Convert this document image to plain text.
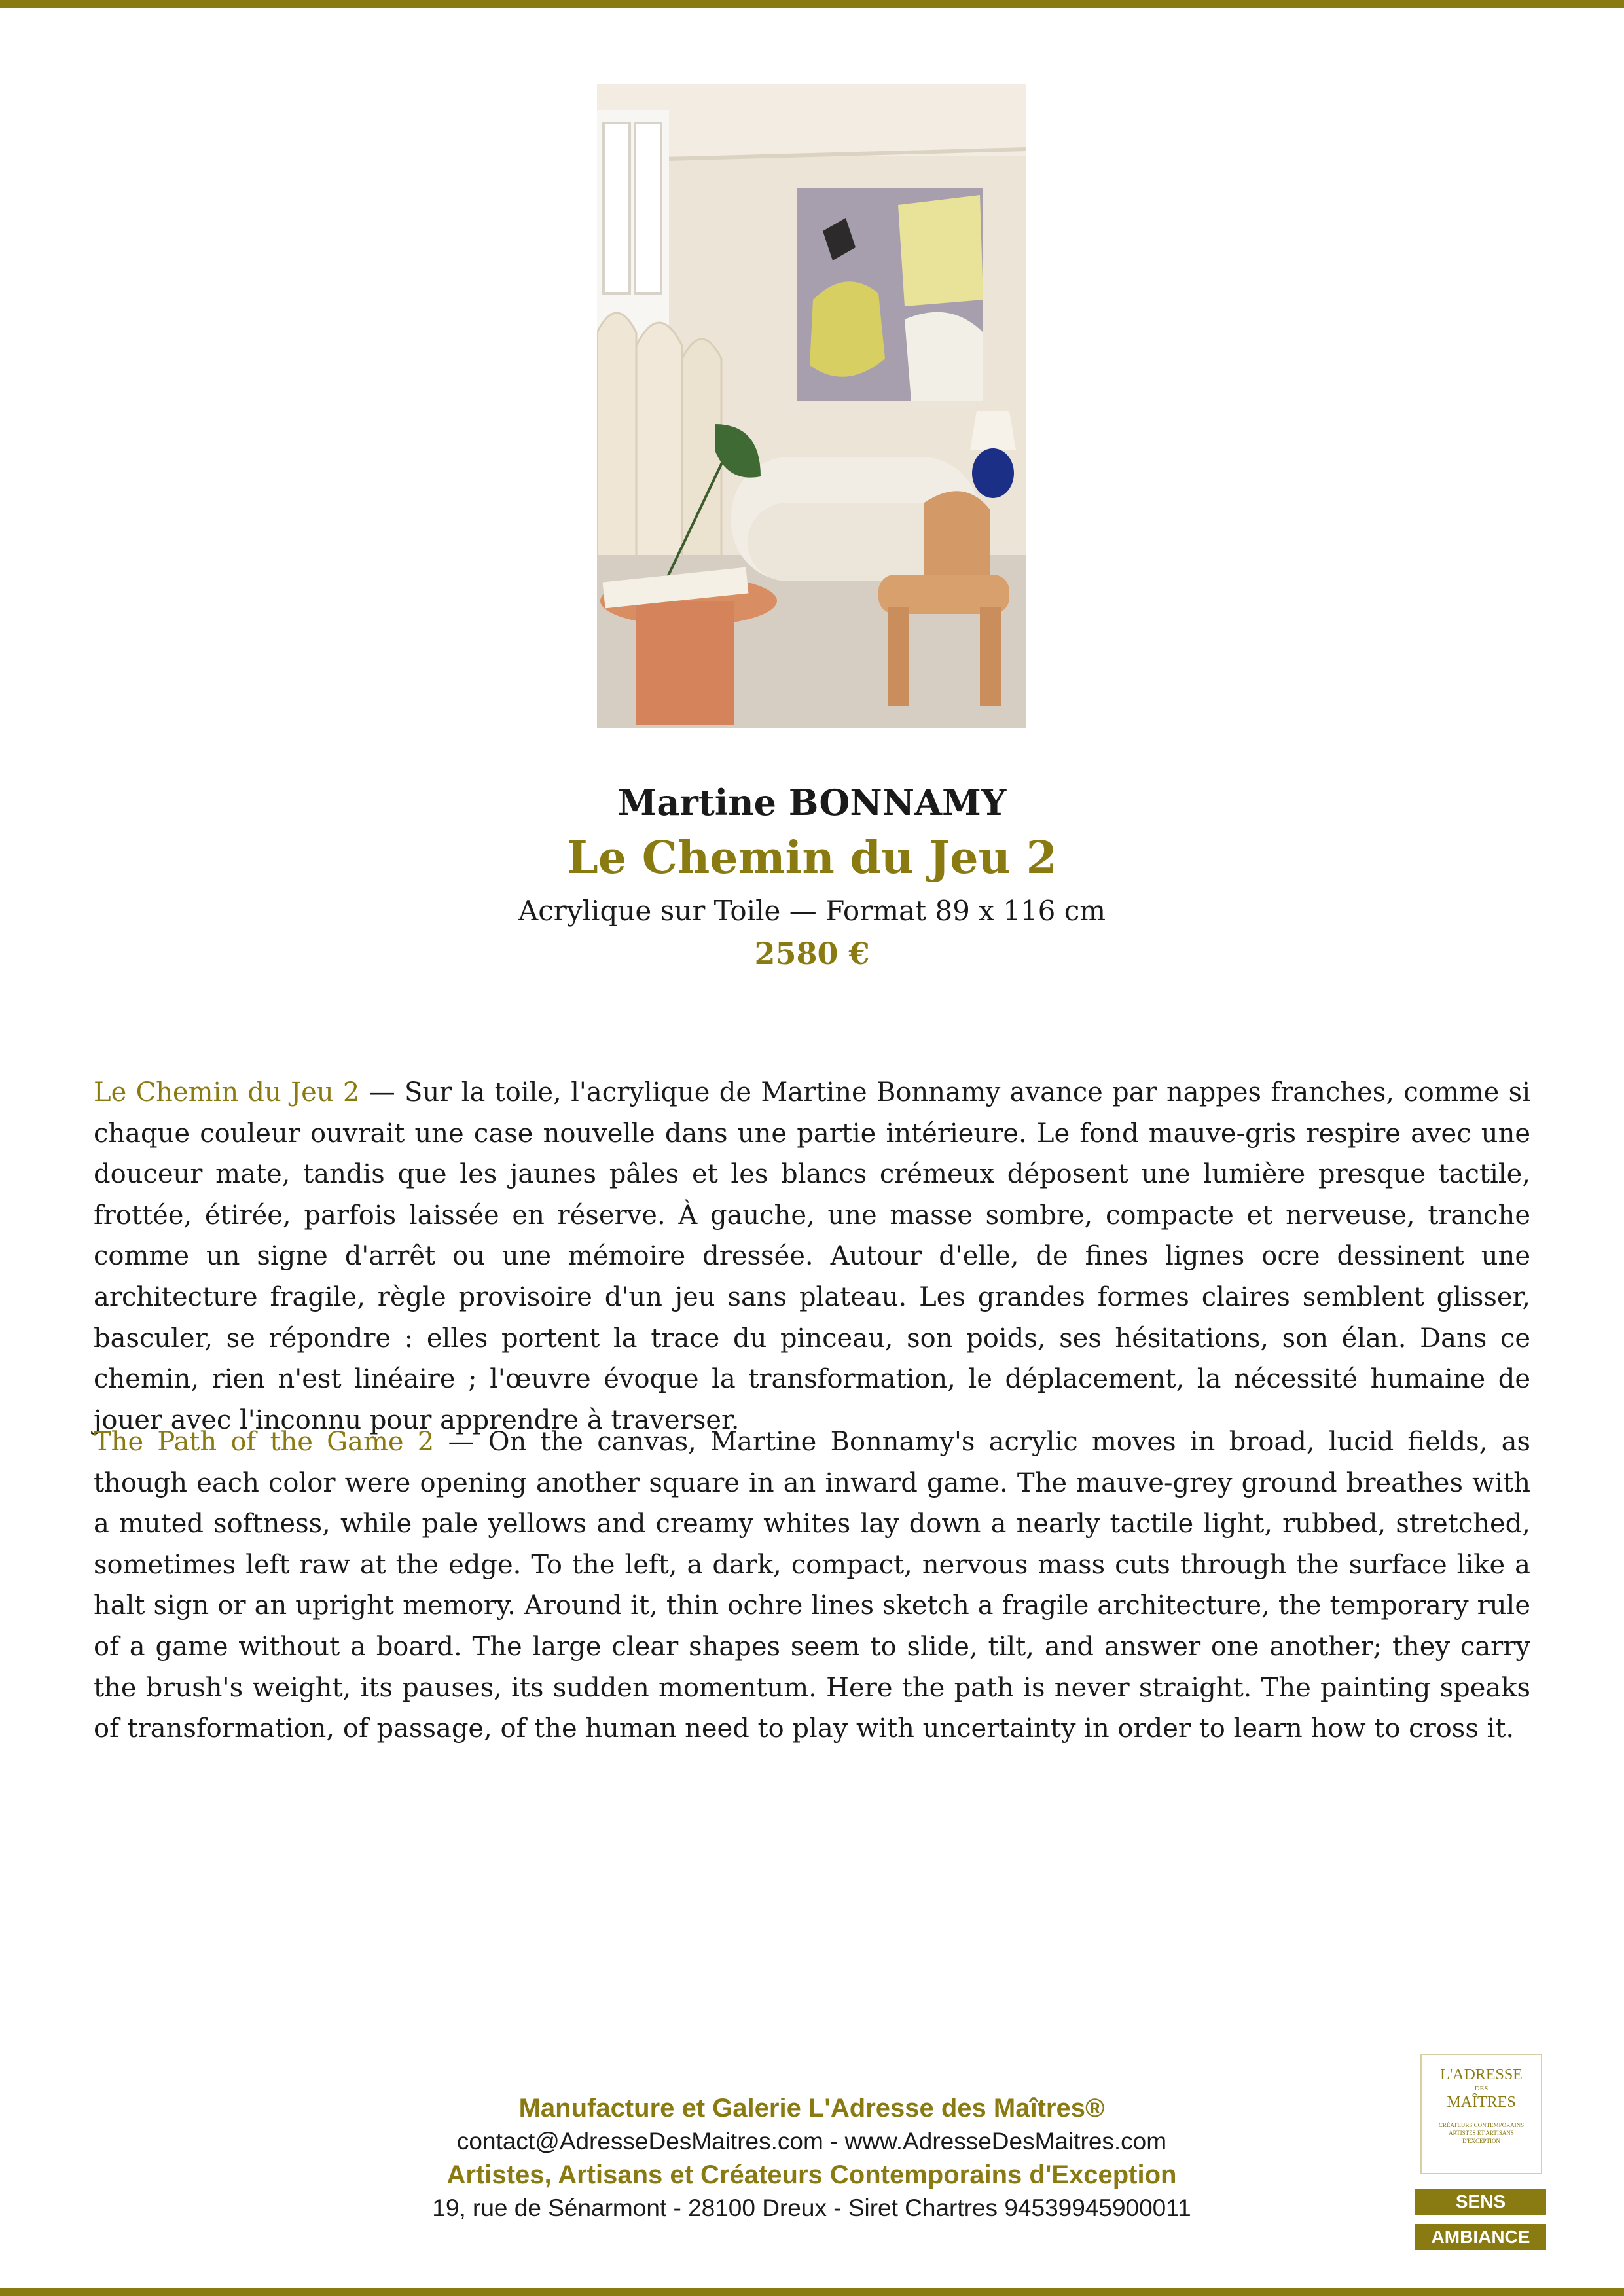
Martine BONNAMY
Le Chemin du Jeu 2
Acrylique sur Toile — Format 89 x 116 cm
2580 €
Le Chemin du Jeu 2 — Sur la toile, l'acrylique de Martine Bonnamy avance par nappes franches, comme si chaque couleur ouvrait une case nouvelle dans une partie intérieure. Le fond mauve-gris respire avec une douceur mate, tandis que les jaunes pâles et les blancs crémeux déposent une lumière presque tactile, frottée, étirée, parfois laissée en réserve. À gauche, une masse sombre, compacte et nerveuse, tranche comme un signe d'arrêt ou une mémoire dressée. Autour d'elle, de fines lignes ocre dessinent une architecture fragile, règle provisoire d'un jeu sans plateau. Les grandes formes claires semblent glisser, basculer, se répondre : elles portent la trace du pinceau, son poids, ses hésitations, son élan. Dans ce chemin, rien n'est linéaire ; l'œuvre évoque la transformation, le déplacement, la nécessité humaine de jouer avec l'inconnu pour apprendre à traverser.
The Path of the Game 2 — On the canvas, Martine Bonnamy's acrylic moves in broad, lucid fields, as though each color were opening another square in an inward game. The mauve-grey ground breathes with a muted softness, while pale yellows and creamy whites lay down a nearly tactile light, rubbed, stretched, sometimes left raw at the edge. To the left, a dark, compact, nervous mass cuts through the surface like a halt sign or an upright memory. Around it, thin ochre lines sketch a fragile architecture, the temporary rule of a game without a board. The large clear shapes seem to slide, tilt, and answer one another; they carry the brush's weight, its pauses, its sudden momentum. Here the path is never straight. The painting speaks of transformation, of passage, of the human need to play with uncertainty in order to learn how to cross it.
Manufacture et Galerie L'Adresse des Maîtres®
contact@AdresseDesMaitres.com - www.AdresseDesMaitres.com
Artistes, Artisans et Créateurs Contemporains d'Exception
19, rue de Sénarmont - 28100 Dreux - Siret Chartres 94539945900011
L'ADRESSE
DES
MAÎTRES
CRÉATEURS CONTEMPORAINS ARTISTES ET ARTISANS D'EXCEPTION
SENS
AMBIANCE
